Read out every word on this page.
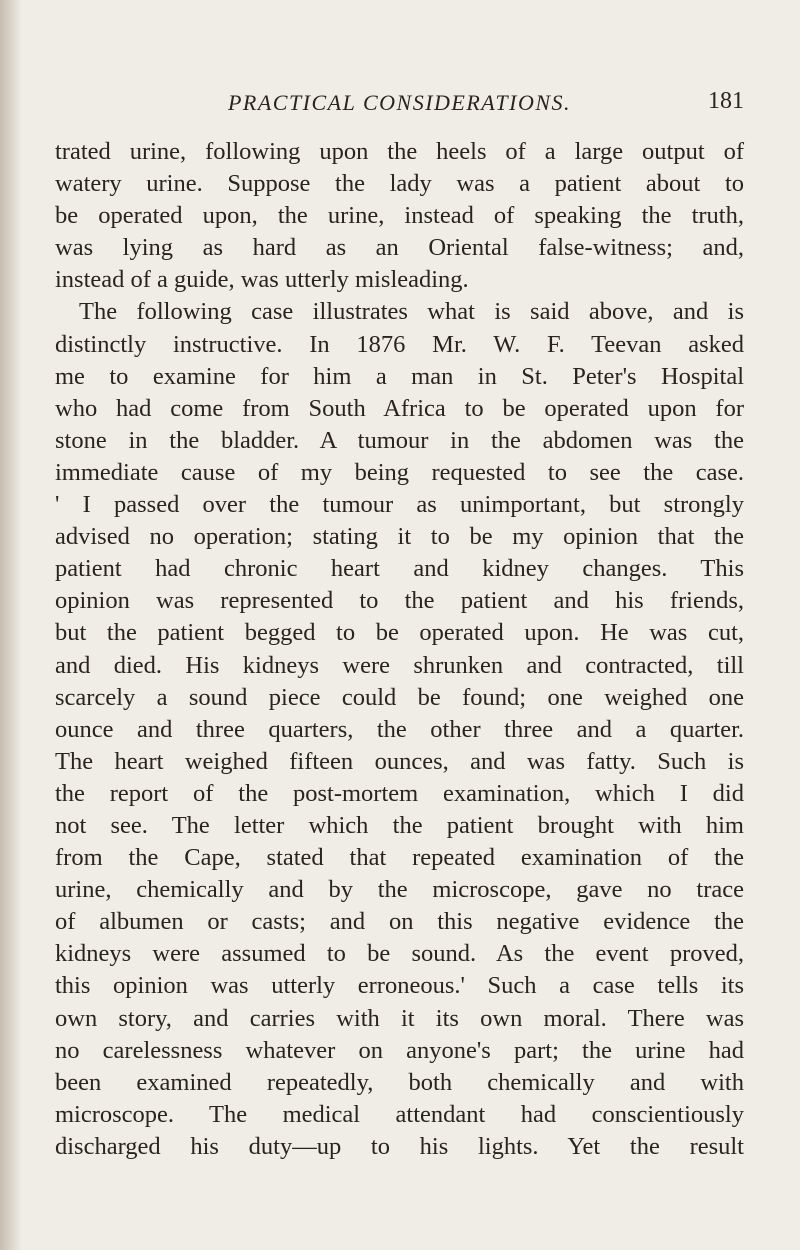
PRACTICAL CONSIDERATIONS.	181
trated urine, following upon the heels of a large output of
watery urine. Suppose the lady was a patient about to
be operated upon, the urine, instead of speaking the truth,
was lying as hard as an Oriental false-witness; and,
instead of a guide, was utterly misleading.
The following case illustrates what is said above, and is
distinctly instructive. In 1876 Mr. W. F. Teevan asked
me to examine for him a man in St. Peter's Hospital
who had come from South Africa to be operated upon for
stone in the bladder. A tumour in the abdomen was the
immediate cause of my being requested to see the case.
' I passed over the tumour as unimportant, but strongly
advised no operation; stating it to be my opinion that the
patient had chronic heart and kidney changes. This
opinion was represented to the patient and his friends,
but the patient begged to be operated upon. He was cut,
and died. His kidneys were shrunken and contracted, till
scarcely a sound piece could be found; one weighed one
ounce and three quarters, the other three and a quarter.
The heart weighed fifteen ounces, and was fatty. Such is
the report of the post-mortem examination, which I did
not see. The letter which the patient brought with him
from the Cape, stated that repeated examination of the
urine, chemically and by the microscope, gave no trace
of albumen or casts; and on this negative evidence the
kidneys were assumed to be sound. As the event proved,
this opinion was utterly erroneous.' Such a case tells its
own story, and carries with it its own moral. There was
no carelessness whatever on anyone's part; the urine had
been examined repeatedly, both chemically and with
microscope. The medical attendant had conscientiously
discharged his duty—up to his lights. Yet the result
